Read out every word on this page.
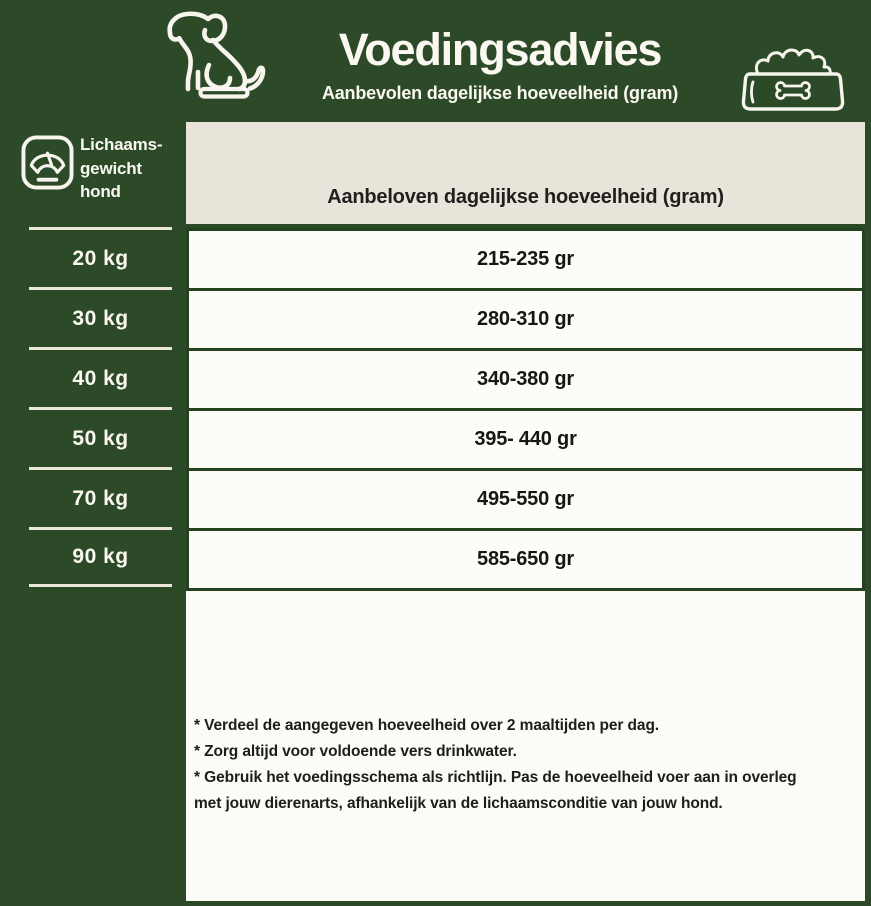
Voedingsadvies
Aanbevolen dagelijkse hoeveelheid (gram)
Lichaams-
gewicht
hond
20 kg
30 kg
40 kg
50 kg
70 kg
90 kg
Aanbeloven dagelijkse hoeveelheid (gram)
215-235 gr
280-310 gr
340-380 gr
395- 440 gr
495-550 gr
585-650 gr
* Verdeel de aangegeven hoeveelheid over 2 maaltijden per dag.
* Zorg altijd voor voldoende vers drinkwater.
* Gebruik het voedingsschema als richtlijn. Pas de hoeveelheid voer aan in overleg
met jouw dierenarts, afhankelijk van de lichaamsconditie van jouw hond.
